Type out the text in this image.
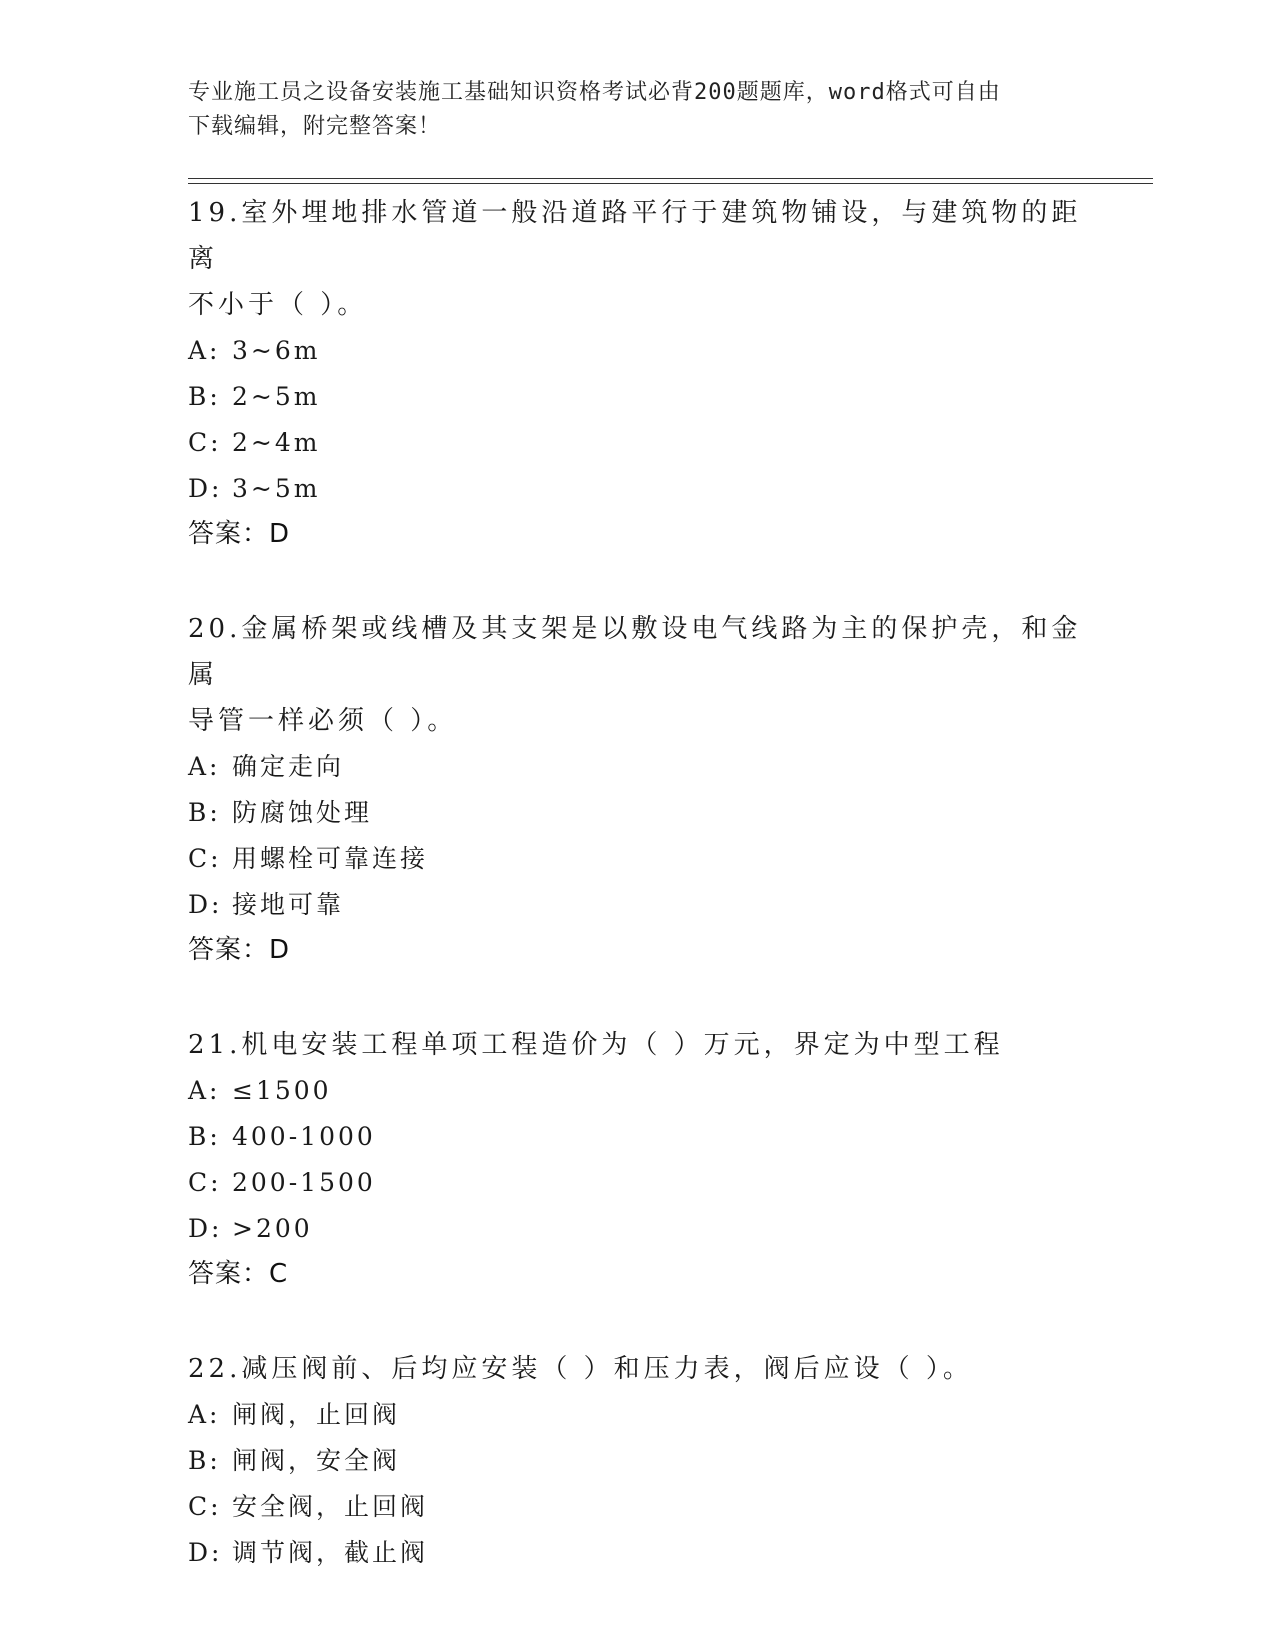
专业施工员之设备安装施工基础知识资格考试必背200题题库，word格式可自由
下载编辑，附完整答案！
19.室外埋地排水管道一般沿道路平行于建筑物铺设，与建筑物的距离
不小于（ ）。
A: 3~6m
B: 2~5m
C: 2~4m
D: 3~5m
答案：D
20.金属桥架或线槽及其支架是以敷设电气线路为主的保护壳，和金属
导管一样必须（ ）。
A: 确定走向
B: 防腐蚀处理
C: 用螺栓可靠连接
D: 接地可靠
答案：D
21.机电安装工程单项工程造价为（ ）万元，界定为中型工程
A: ≤1500
B: 400-1000
C: 200-1500
D: >200
答案：C
22.减压阀前、后均应安装（ ）和压力表，阀后应设（ ）。
A: 闸阀，止回阀
B: 闸阀，安全阀
C: 安全阀，止回阀
D: 调节阀，截止阀
